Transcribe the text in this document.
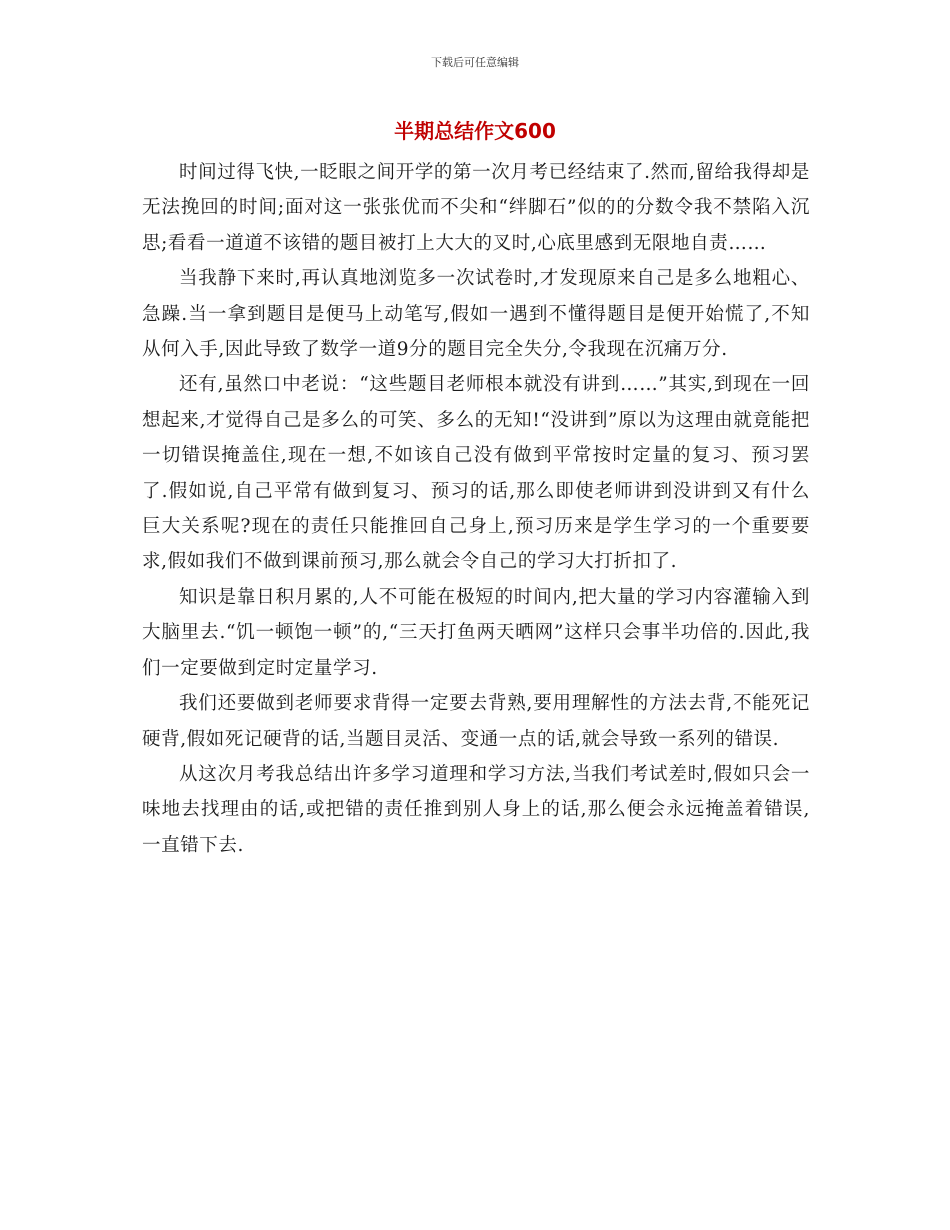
下载后可任意编辑
半期总结作文600

时间过得飞快,一眨眼之间开学的第一次月考已经结束了.然而,留给我得却是无法挽回的时间;面对这一张张优而不尖和“绊脚石”似的的分数令我不禁陷入沉思;看看一道道不该错的题目被打上大大的叉时,心底里感到无限地自责……

当我静下来时,再认真地浏览多一次试卷时,才发现原来自己是多么地粗心、急躁.当一拿到题目是便马上动笔写,假如一遇到不懂得题目是便开始慌了,不知从何入手,因此导致了数学一道9分的题目完全失分,令我现在沉痛万分.

还有,虽然口中老说：“这些题目老师根本就没有讲到……”其实,到现在一回想起来,才觉得自己是多么的可笑、多么的无知!“没讲到”原以为这理由就竟能把一切错误掩盖住,现在一想,不如该自己没有做到平常按时定量的复习、预习罢了.假如说,自己平常有做到复习、预习的话,那么即使老师讲到没讲到又有什么巨大关系呢?现在的责任只能推回自己身上,预习历来是学生学习的一个重要要求,假如我们不做到课前预习,那么就会令自己的学习大打折扣了.

知识是靠日积月累的,人不可能在极短的时间内,把大量的学习内容灌输入到大脑里去.“饥一顿饱一顿”的,“三天打鱼两天晒网”这样只会事半功倍的.因此,我们一定要做到定时定量学习.

我们还要做到老师要求背得一定要去背熟,要用理解性的方法去背,不能死记硬背,假如死记硬背的话,当题目灵活、变通一点的话,就会导致一系列的错误.

从这次月考我总结出许多学习道理和学习方法,当我们考试差时,假如只会一味地去找理由的话,或把错的责任推到别人身上的话,那么便会永远掩盖着错误,一直错下去.
